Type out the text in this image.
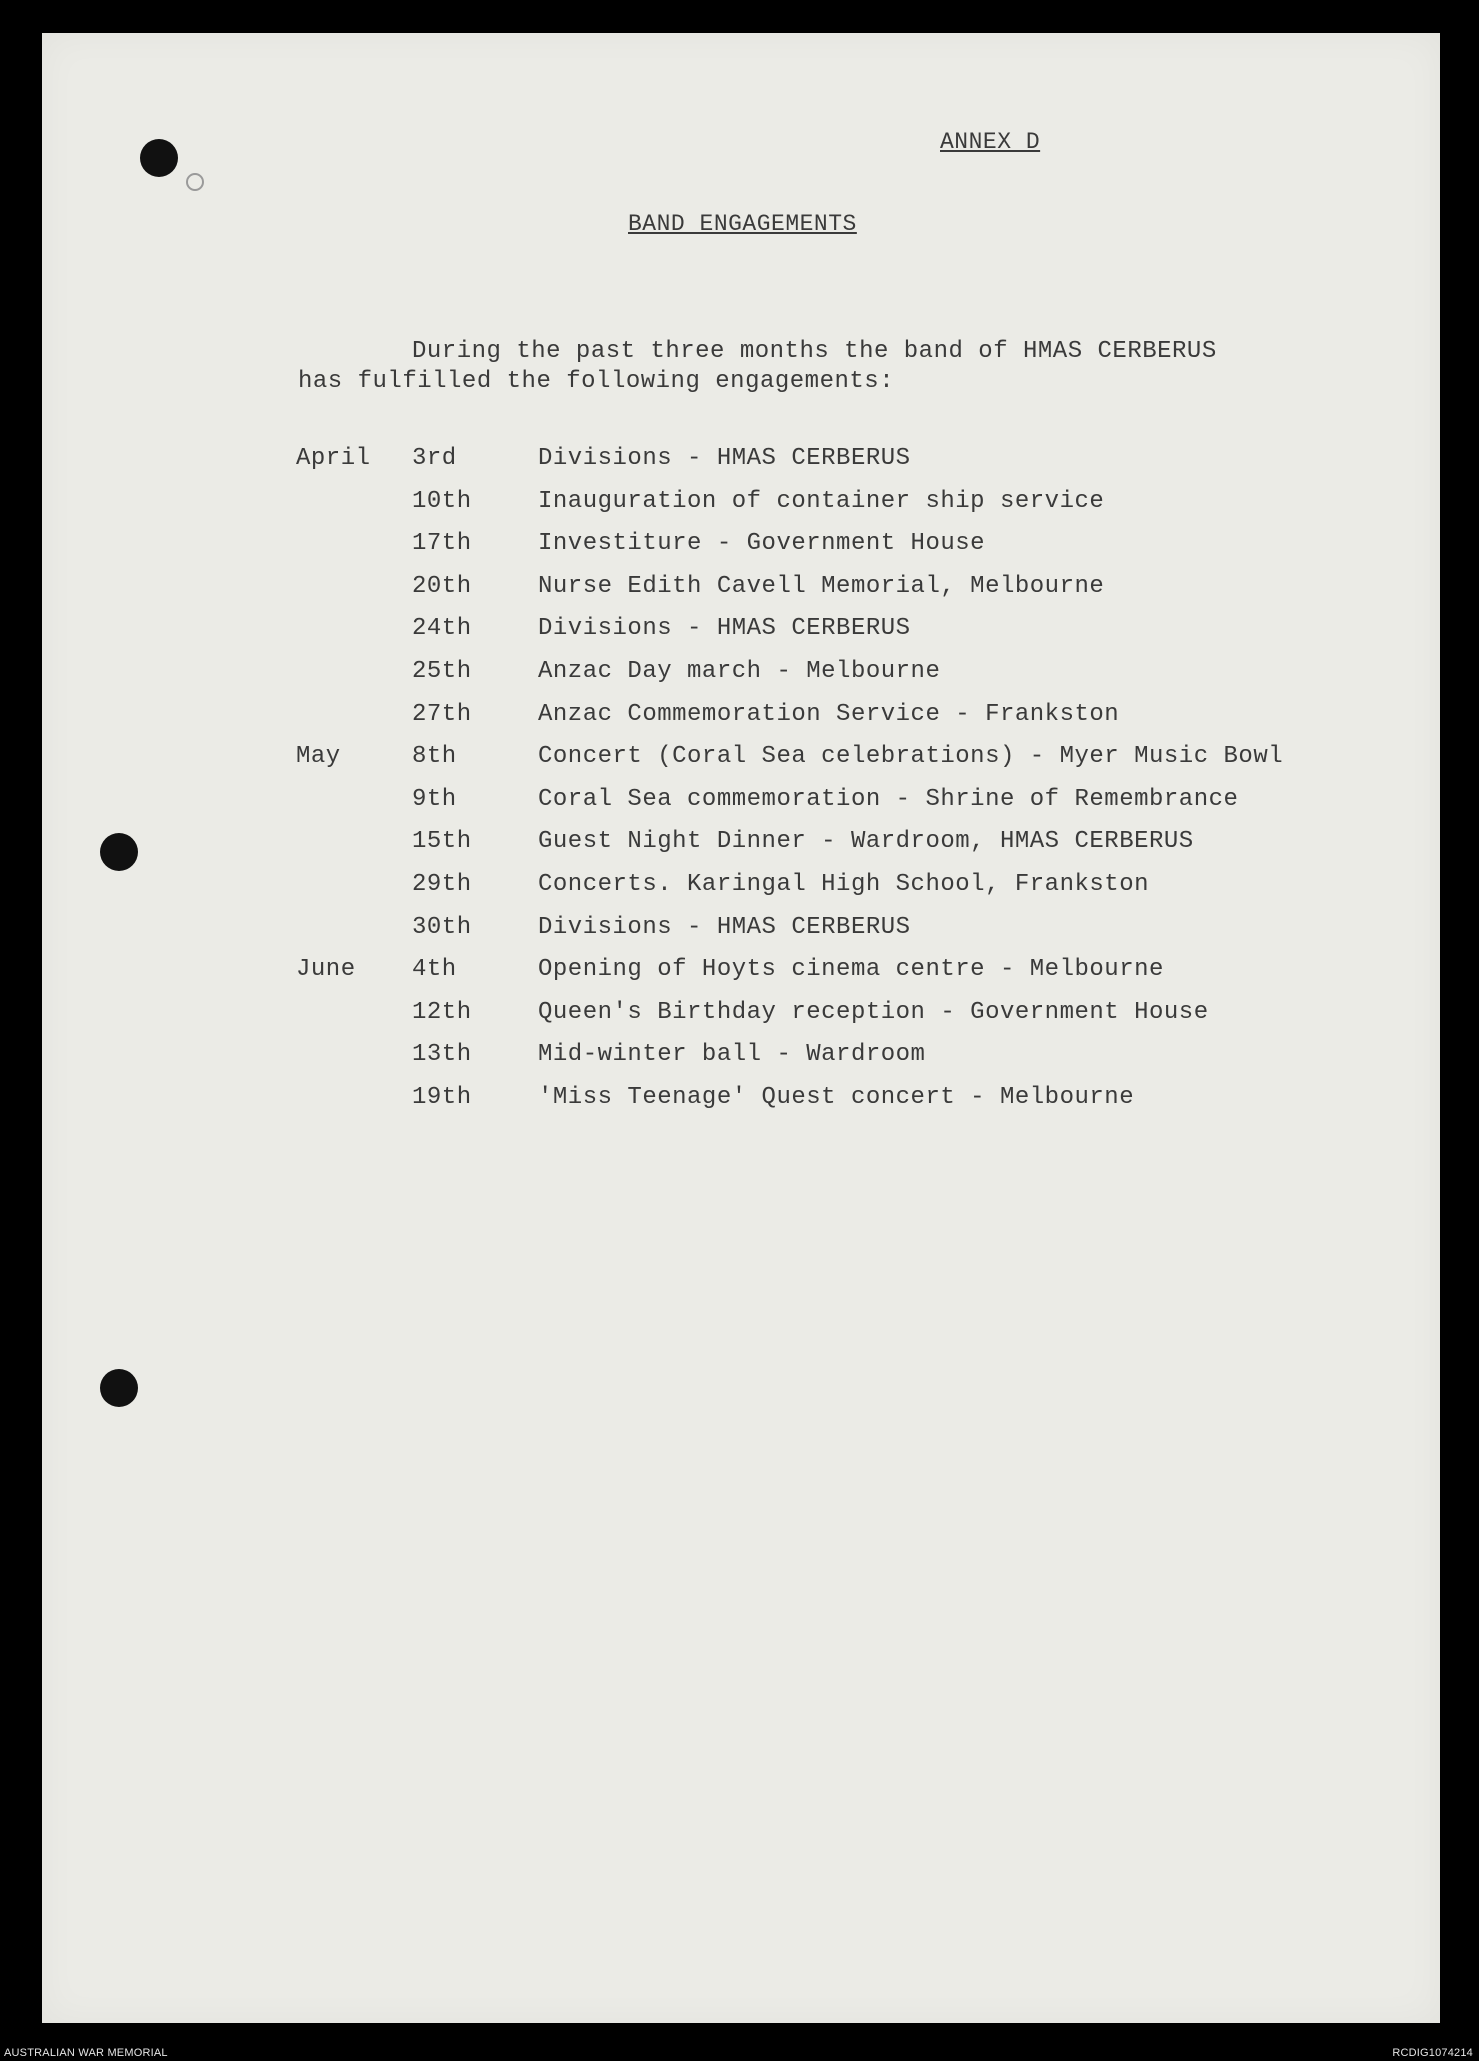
ANNEX D
BAND ENGAGEMENTS
During the past three months the band of HMAS CERBERUS
has fulfilled the following engagements:
April 3rd	Divisions - HMAS CERBERUS
10th	Inauguration of container ship service
17th	Investiture - Government House
20th	Nurse Edith Cavell Memorial, Melbourne
24th	Divisions - HMAS CERBERUS
25th	Anzac Day march - Melbourne
27th	Anzac Commemoration Service - Frankston
May	8th	Concert (Coral Sea celebrations) - Myer Music Bowl
9th	Coral Sea commemoration - Shrine of Remembrance
15th	Guest Night Dinner - Wardroom, HMAS CERBERUS
29th	Concerts. Karingal High School, Frankston
30th	Divisions - HMAS CERBERUS
June 4th	Opening of Hoyts cinema centre - Melbourne
12th	Queen's Birthday reception - Government House
13th	Mid-winter ball - Wardroom
19th	'Miss Teenage' Quest concert - Melbourne
AUSTRALIAN WAR MEMORIAL	RCDIG1074214
